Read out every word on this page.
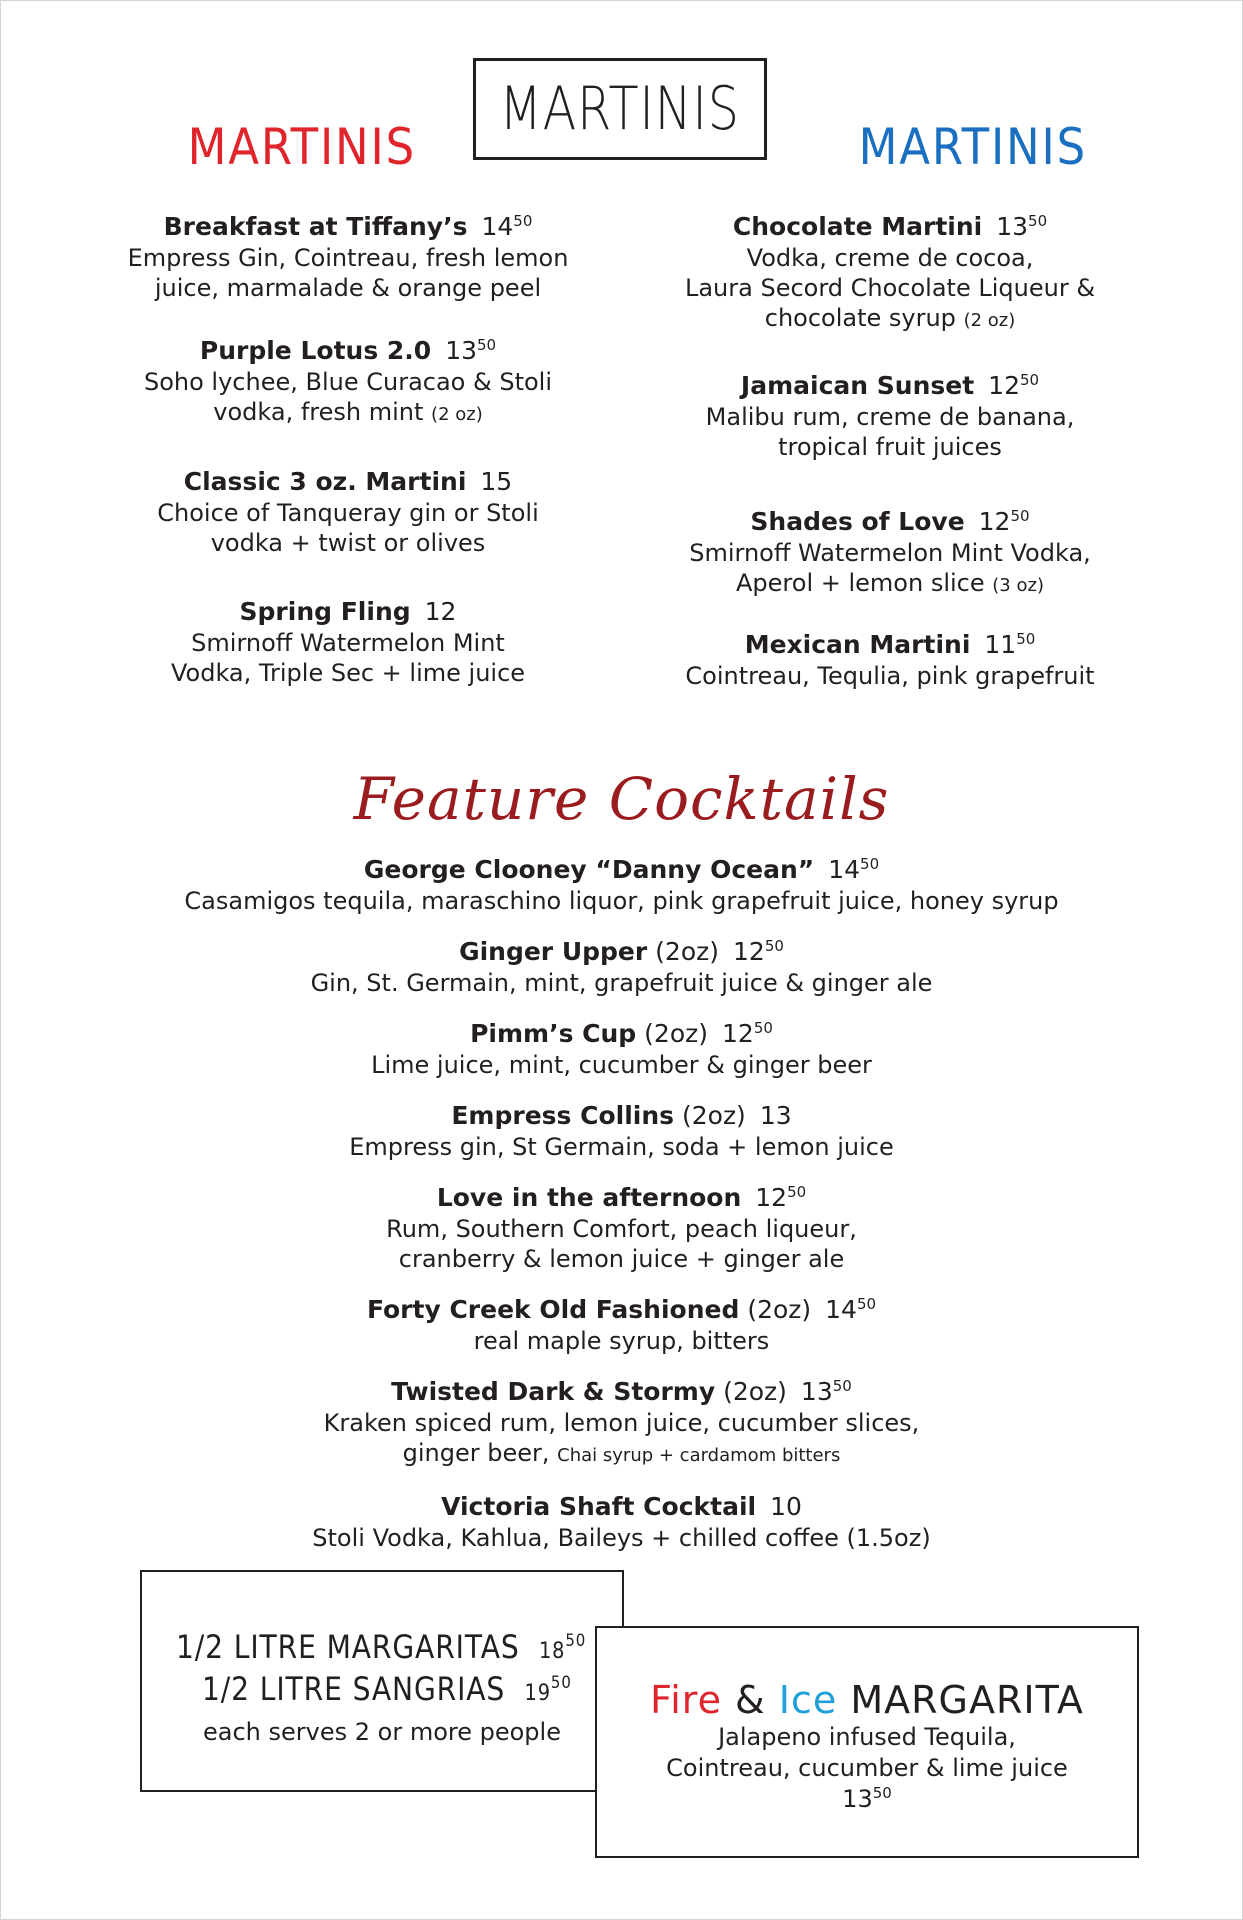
MARTINIS
MARTINIS	MARTINIS
Breakfast at Tiffany’s $14^{50}$
Empress Gin, Cointreau, fresh lemon
juice, marmalade & orange peel
Purple Lotus 2.0 $13^{50}$
Soho lychee, Blue Curacao & Stoli
vodka, fresh mint (2 oz)
Classic 3 oz. Martini 15
Choice of Tanqueray gin or Stoli
vodka + twist or olives
Spring Fling 12
Smirnoff Watermelon Mint
Vodka, Triple Sec + lime juice
Chocolate Martini $13^{50}$
Vodka, creme de cocoa,
Laura Secord Chocolate Liqueur &
chocolate syrup (2 oz)
Jamaican Sunset $12^{50}$
Malibu rum, creme de banana,
tropical fruit juices
Shades of Love $12^{50}$
Smirnoff Watermelon Mint Vodka,
Aperol + lemon slice (3 oz)
Mexican Martini $11^{50}$
Cointreau, Tequlia, pink grapefruit
Feature Cocktails
George Clooney “Danny Ocean” $14^{50}$
Casamigos tequila, maraschino liquor, pink grapefruit juice, honey syrup
Ginger Upper (2oz) $12^{50}$
Gin, St. Germain, mint, grapefruit juice & ginger ale
Pimm’s Cup (2oz) $12^{50}$
Lime juice, mint, cucumber & ginger beer
Empress Collins (2oz) 13
Empress gin, St Germain, soda + lemon juice
Love in the afternoon $12^{50}$
Rum, Southern Comfort, peach liqueur,
cranberry & lemon juice + ginger ale
Forty Creek Old Fashioned (2oz) $14^{50}$
real maple syrup, bitters
Twisted Dark & Stormy (2oz) $13^{50}$
Kraken spiced rum, lemon juice, cucumber slices,
ginger beer, Chai syrup + cardamom bitters
Victoria Shaft Cocktail 10
Stoli Vodka, Kahlua, Baileys + chilled coffee (1.5oz)
1/2 LITRE MARGARITAS $18^{50}$
1/2 LITRE SANGRIAS $19^{50}$
each serves 2 or more people
Fire & Ice MARGARITA
Jalapeno infused Tequila,
Cointreau, cucumber & lime juice
$13^{50}$
